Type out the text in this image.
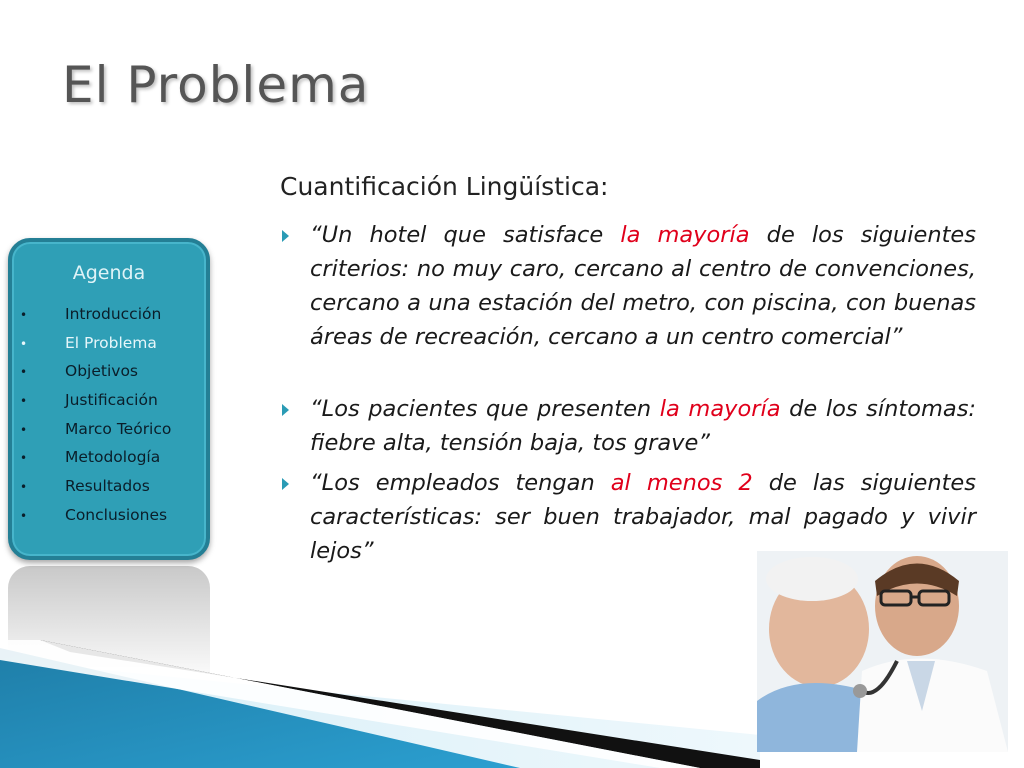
El Problema
Agenda
• Introducción
• El Problema
• Objetivos
• Justificación
• Marco Teórico
• Metodología
• Resultados
• Conclusiones
Cuantificación Lingüística:

“Un hotel que satisface la mayoría de los siguientes criterios: no muy caro, cercano al centro de convenciones, cercano a una estación del metro, con piscina, con buenas áreas de recreación, cercano a un centro comercial”

“Los pacientes que presenten la mayoría de los síntomas: fiebre alta, tensión baja, tos grave”

“Los empleados tengan al menos 2 de las siguientes características: ser buen trabajador, mal pagado y vivir lejos”
